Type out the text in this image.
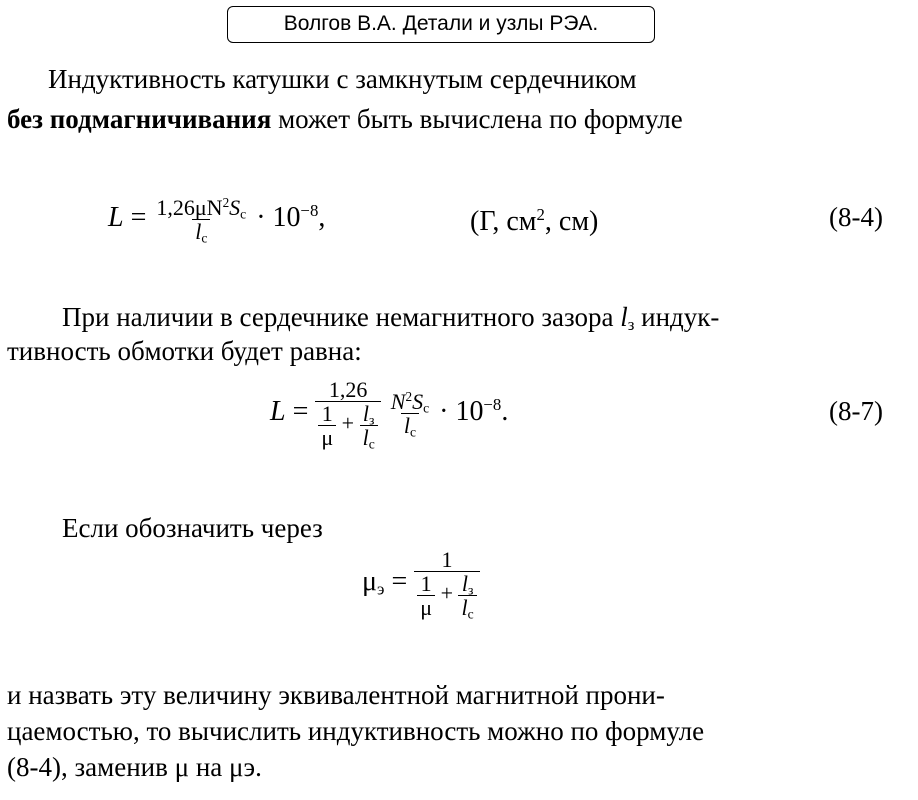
Волгов В.А. Детали и узлы РЭА.
Индуктивность катушки с замкнутым сердечником
без подмагничивания может быть вычислена по формуле
$L = \frac{1,26\mu N^2S_c}{l_c} \cdot 10^{-8}$,	(Г, $см^2$, см)	(8-4)
При наличии в сердечнике немагнитного зазора $l_з$ индук-
тивность обмотки будет равна:
$L = \frac{1,26}{\frac{1}{\mu} + \frac{l_з}{l_c}}$
$\frac{N^2S_c}{l_c} \cdot 10^{-8}$.	(8-7)
Если обозначить через
$\mu_э = \frac{1}{\frac{1}{\mu} + \frac{l_з}{l_c}}$
и назвать эту величину эквивалентной магнитной прони-
цаемостью, то вычислить индуктивность можно по формуле
(8-4), заменив μ на μэ.
